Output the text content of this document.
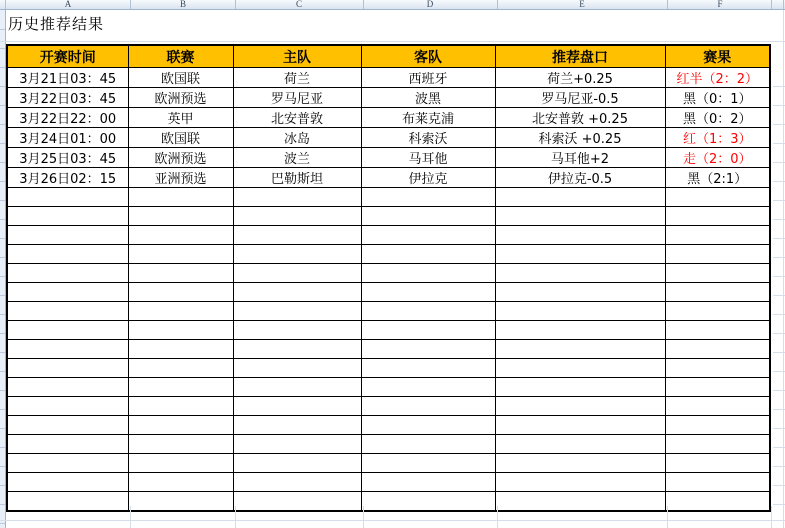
A	B	C	D	E	F
历史推荐结果
开赛时间	联赛	主队	客队	推荐盘口	赛果
3月21日03：45	欧国联	荷兰	西班牙	荷兰+0.25	红半（2：2）
3月22日03：45	欧洲预选	罗马尼亚	波黑	罗马尼亚-0.5	黑（0：1）
3月22日22：00	英甲	北安普敦	布莱克浦	北安普敦 +0.25	黑（0：2）
3月24日01：00	欧国联	冰岛	科索沃	科索沃 +0.25	红（1：3）
3月25日03：45	欧洲预选	波兰	马耳他	马耳他+2	走（2：0）
3月26日02：15	亚洲预选	巴勒斯坦	伊拉克	伊拉克-0.5	黑（2:1）
